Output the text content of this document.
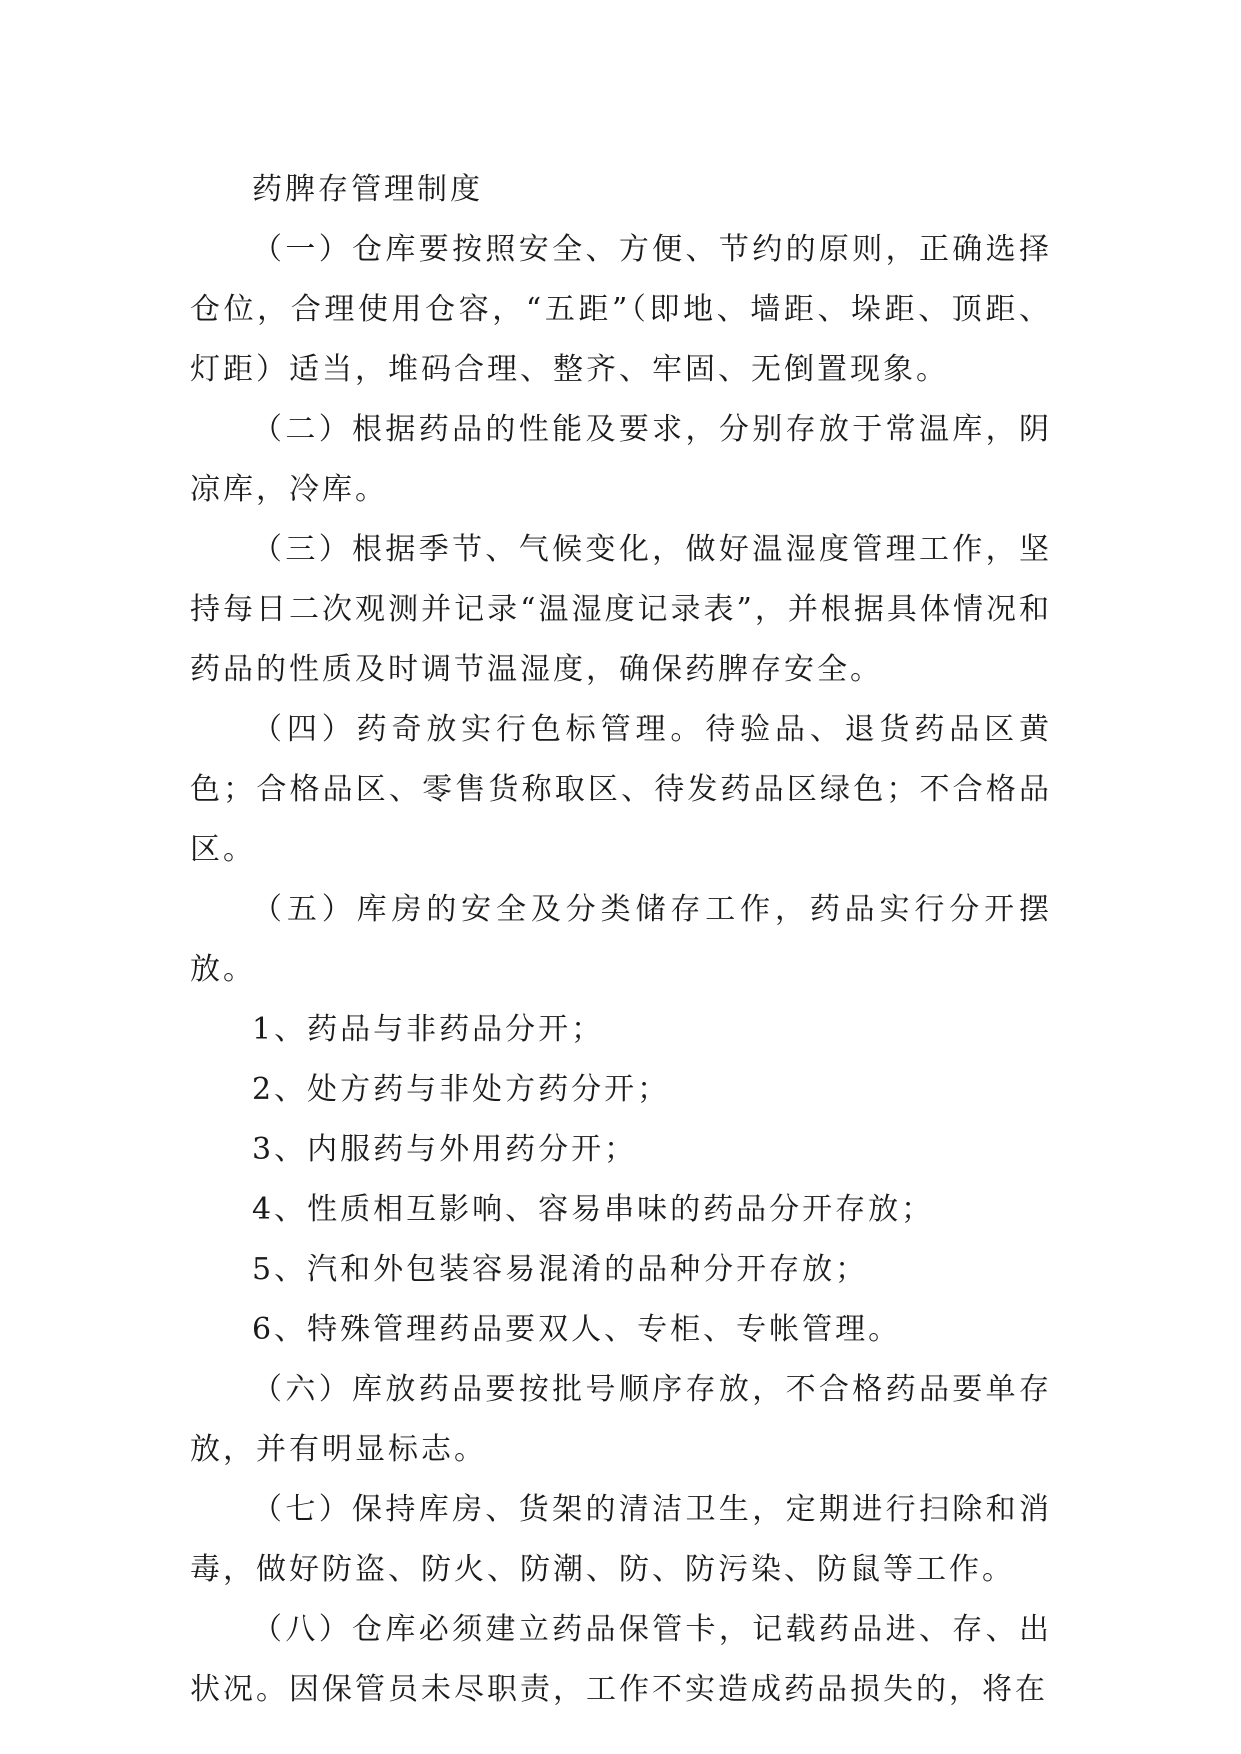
药脾存管理制度

（一）仓库要按照安全、方便、节约的原则，正确选择仓位，合理使用仓容，“五距”（即地、墙距、垛距、顶距、灯距）适当，堆码合理、整齐、牢固、无倒置现象。

（二）根据药品的性能及要求，分别存放于常温库，阴凉库，冷库。

（三）根据季节、气候变化，做好温湿度管理工作，坚持每日二次观测并记录“温湿度记录表”，并根据具体情况和药品的性质及时调节温湿度，确保药脾存安全。

（四）药奇放实行色标管理。待验品、退货药品区黄色；合格品区、零售货称取区、待发药品区绿色；不合格品区。

（五）库房的安全及分类储存工作，药品实行分开摆放。

1、药品与非药品分开；

2、处方药与非处方药分开；

3、内服药与外用药分开；

4、性质相互影响、容易串味的药品分开存放；

5、汽和外包装容易混淆的品种分开存放；

6、特殊管理药品要双人、专柜、专帐管理。

（六）库放药品要按批号顺序存放，不合格药品要单存放，并有明显标志。

（七）保持库房、货架的清洁卫生，定期进行扫除和消毒，做好防盗、防火、防潮、防、防污染、防鼠等工作。

（八）仓库必须建立药品保管卡，记载药品进、存、出状况。因保管员未尽职责，工作不实造成药品损失的，将在
